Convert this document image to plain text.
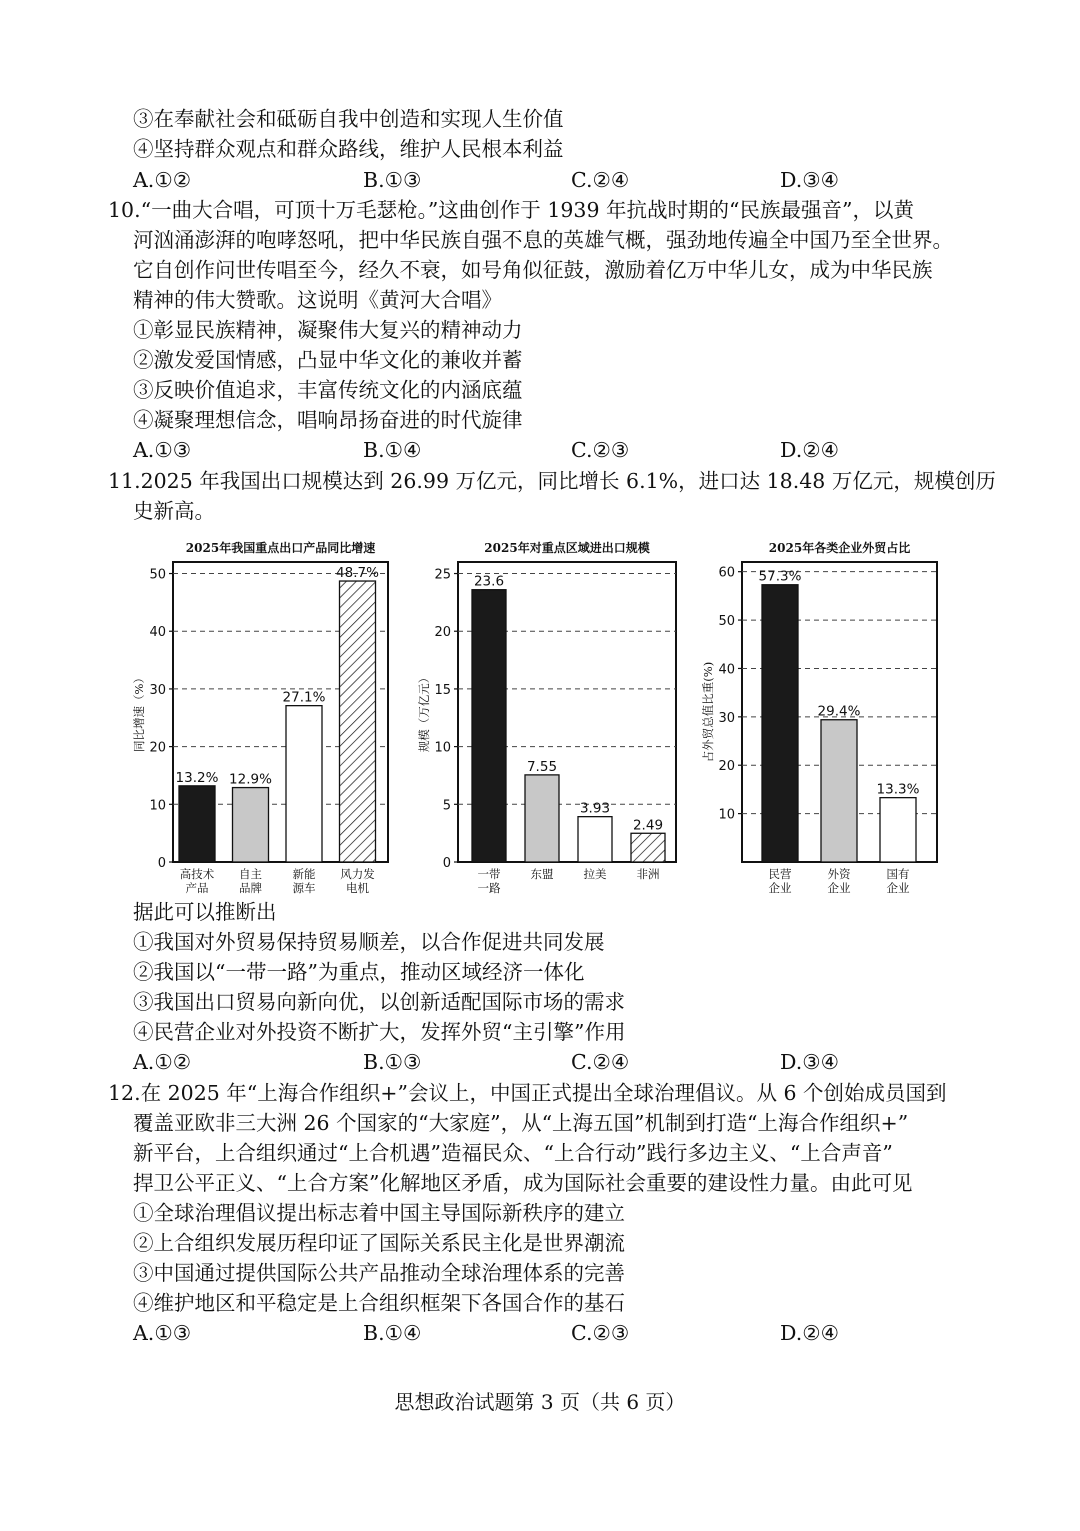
③在奉献社会和砥砺自我中创造和实现人生价值
④坚持群众观点和群众路线，维护人民根本利益
A.①②	B.①③	C.②④	D.③④
10.“一曲大合唱，可顶十万毛瑟枪。”这曲创作于 1939 年抗战时期的“民族最强音”，以黄
河汹涌澎湃的咆哮怒吼，把中华民族自强不息的英雄气概，强劲地传遍全中国乃至全世界。
它自创作问世传唱至今，经久不衰，如号角似征鼓，激励着亿万中华儿女，成为中华民族
精神的伟大赞歌。这说明《黄河大合唱》
①彰显民族精神，凝聚伟大复兴的精神动力
②激发爱国情感，凸显中华文化的兼收并蓄
③反映价值追求，丰富传统文化的内涵底蕴
④凝聚理想信念，唱响昂扬奋进的时代旋律
A.①③	B.①④	C.②③	D.②④
11.2025 年我国出口规模达到 26.99 万亿元，同比增长 6.1%，进口达 18.48 万亿元，规模创历
史新高。
2025年我国重点出口产品同比增速
0
10
20
30
40
50
同比增速（%）
13.2%
高技术
产品
12.9%
自主
品牌
27.1%
新能
源车
48.7%
风力发
电机
2025年对重点区域进出口规模
0
5
10
15
20
25
规模（万亿元）
23.6
一带
一路
7.55
东盟
3.93
拉美
2.49
非洲
2025年各类企业外贸占比
10
20
30
40
50
60
占外贸总值比重(%)
57.3%
民营
企业
29.4%
外资
企业
13.3%
国有
企业
据此可以推断出
①我国对外贸易保持贸易顺差，以合作促进共同发展
②我国以“一带一路”为重点，推动区域经济一体化
③我国出口贸易向新向优，以创新适配国际市场的需求
④民营企业对外投资不断扩大，发挥外贸“主引擎”作用
A.①②	B.①③	C.②④	D.③④
12.在 2025 年“上海合作组织+”会议上，中国正式提出全球治理倡议。从 6 个创始成员国到
覆盖亚欧非三大洲 26 个国家的“大家庭”，从“上海五国”机制到打造“上海合作组织+”
新平台，上合组织通过“上合机遇”造福民众、“上合行动”践行多边主义、“上合声音”
捍卫公平正义、“上合方案”化解地区矛盾，成为国际社会重要的建设性力量。由此可见
①全球治理倡议提出标志着中国主导国际新秩序的建立
②上合组织发展历程印证了国际关系民主化是世界潮流
③中国通过提供国际公共产品推动全球治理体系的完善
④维护地区和平稳定是上合组织框架下各国合作的基石
A.①③	B.①④	C.②③	D.②④
思想政治试题第 3 页（共 6 页）
